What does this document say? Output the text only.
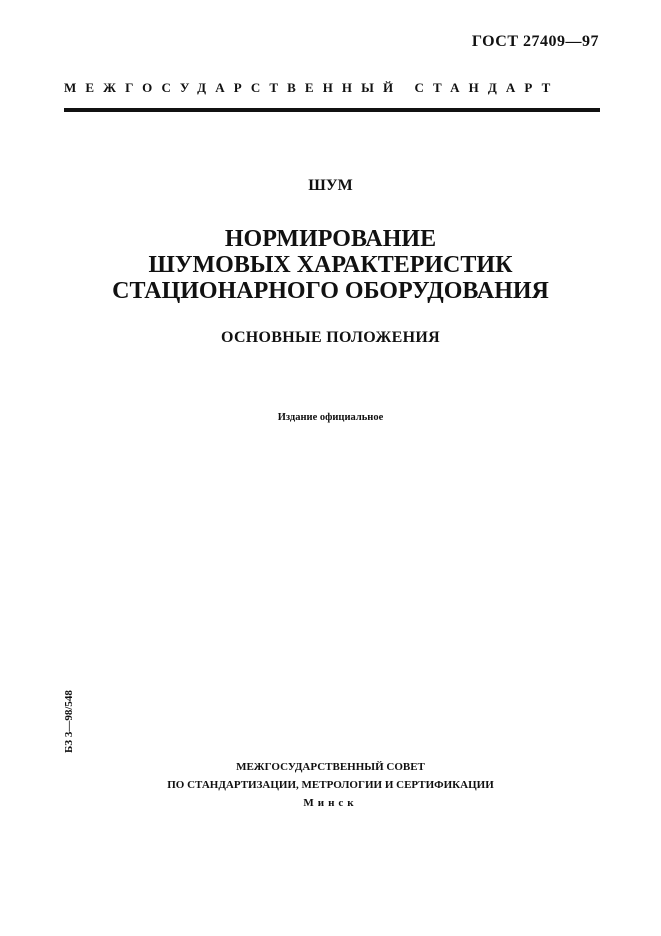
ГОСТ 27409—97
МЕЖГОСУДАРСТВЕННЫЙ СТАНДАРТ
ШУМ
НОРМИРОВАНИЕ
ШУМОВЫХ ХАРАКТЕРИСТИК
СТАЦИОНАРНОГО ОБОРУДОВАНИЯ
ОСНОВНЫЕ ПОЛОЖЕНИЯ
Издание официальное
БЗ 3—98/548
МЕЖГОСУДАРСТВЕННЫЙ СОВЕТ
ПО СТАНДАРТИЗАЦИИ, МЕТРОЛОГИИ И СЕРТИФИКАЦИИ
Минск
